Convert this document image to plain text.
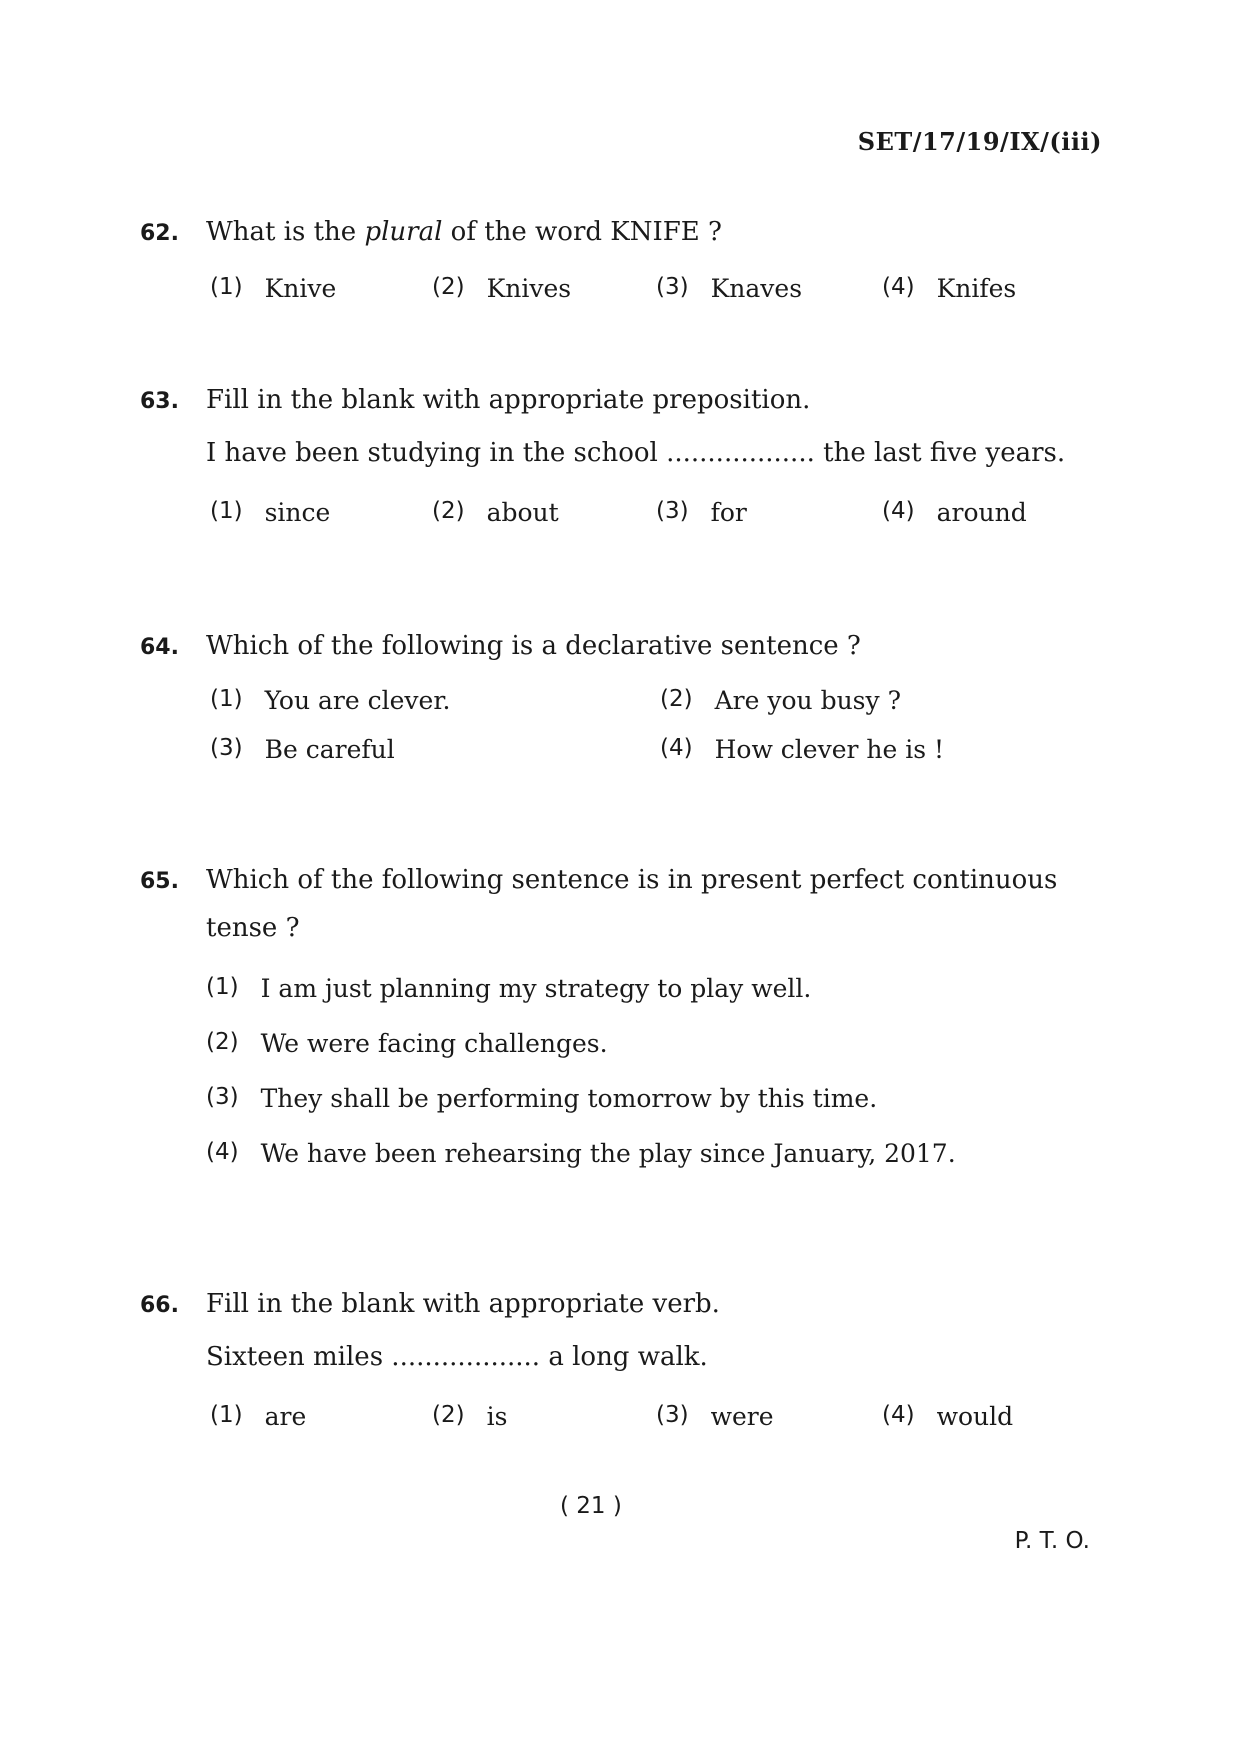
SET/17/19/IX/(iii)
62.	What is the plural of the word KNIFE ?
(1) Knive	(2) Knives	(3) Knaves	(4) Knifes
63.	Fill in the blank with appropriate preposition.
I have been studying in the school .................. the last five years.
(1) since	(2) about	(3) for	(4) around
64.	Which of the following is a declarative sentence ?
(1) You are clever.	(2) Are you busy ?
(3) Be careful	(4) How clever he is !
65.	Which of the following sentence is in present perfect continuous tense ?
(1) I am just planning my strategy to play well.
(2) We were facing challenges.
(3) They shall be performing tomorrow by this time.
(4) We have been rehearsing the play since January, 2017.
66.	Fill in the blank with appropriate verb.
Sixteen miles .................. a long walk.
(1) are	(2) is	(3) were	(4) would
( 21 )
P. T. O.
